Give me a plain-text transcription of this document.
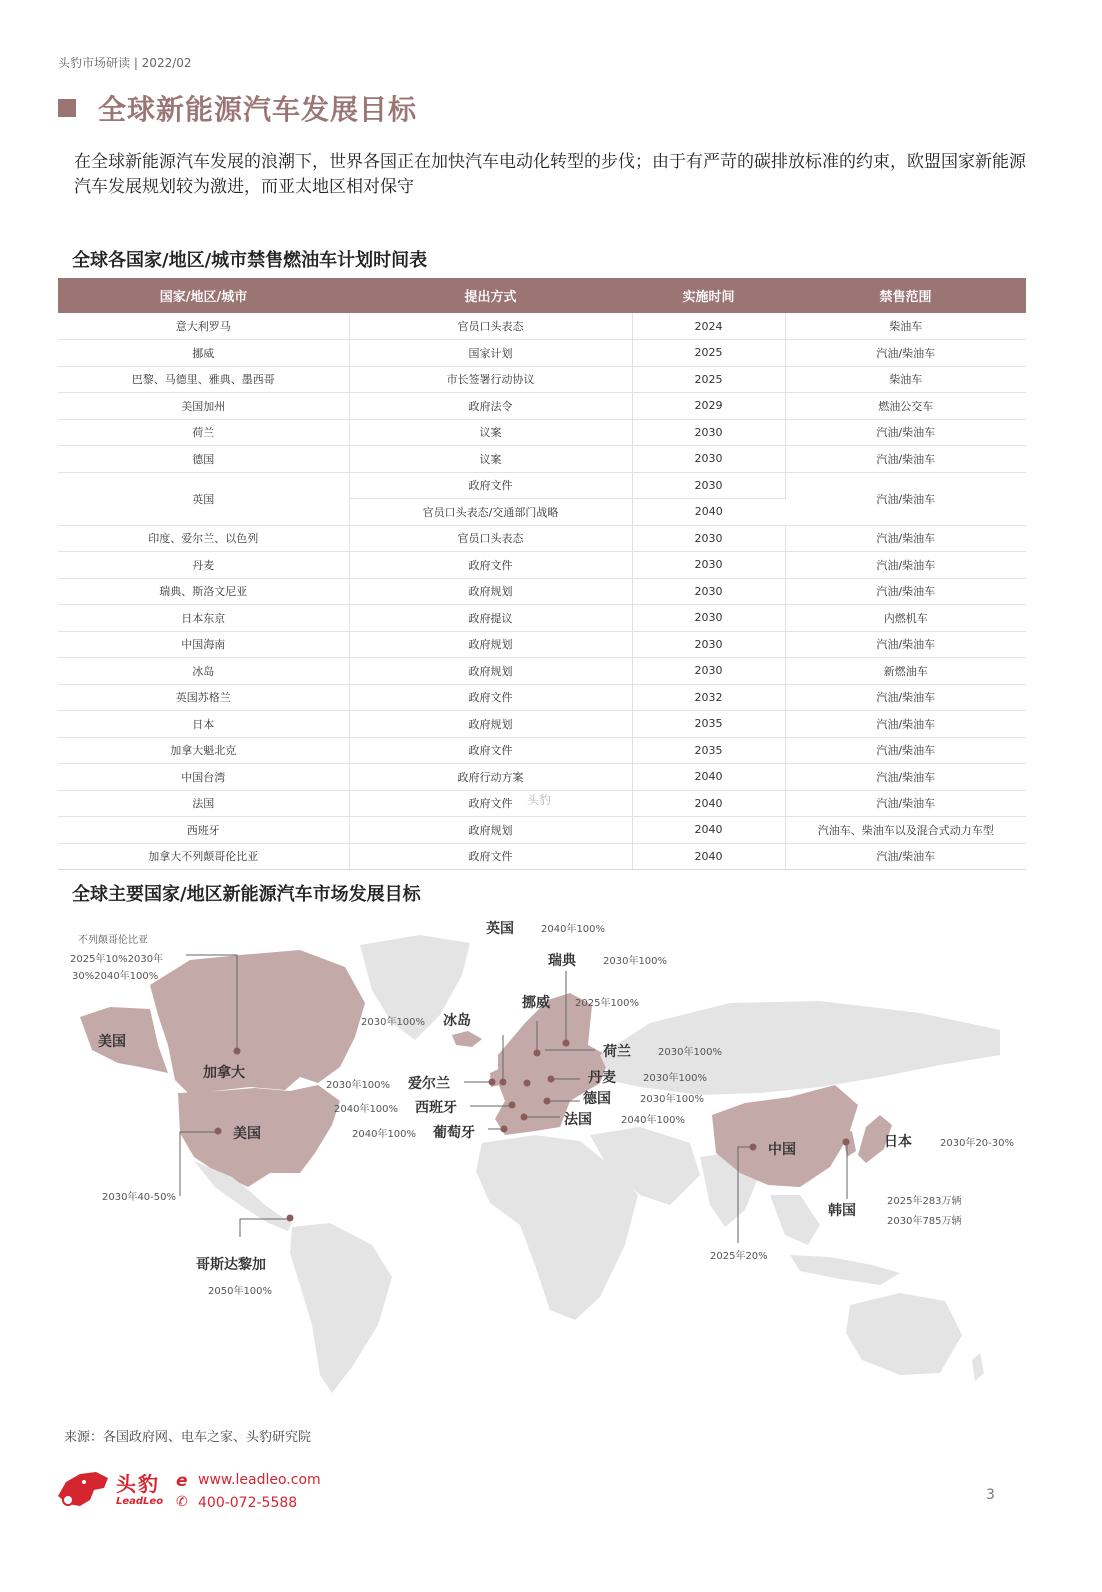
头豹市场研读 | 2022/02
全球新能源汽车发展目标
在全球新能源汽车发展的浪潮下，世界各国正在加快汽车电动化转型的步伐；由于有严苛的碳排放标准的约束，欧盟国家新能源汽车发展规划较为激进，而亚太地区相对保守
全球各国家/地区/城市禁售燃油车计划时间表
国家/地区/城市	提出方式	实施时间	禁售范围
意大利罗马	官员口头表态	2024	柴油车
挪威	国家计划	2025	汽油/柴油车
巴黎、马德里、雅典、墨西哥	市长签署行动协议	2025	柴油车
美国加州	政府法令	2029	燃油公交车
荷兰	议案	2030	汽油/柴油车
德国	议案	2030	汽油/柴油车
英国	政府文件	2030	汽油/柴油车
	官员口头表态/交通部门战略	2040	
印度、爱尔兰、以色列	官员口头表态	2030	汽油/柴油车
丹麦	政府文件	2030	汽油/柴油车
瑞典、斯洛文尼亚	政府规划	2030	汽油/柴油车
日本东京	政府提议	2030	内燃机车
中国海南	政府规划	2030	汽油/柴油车
冰岛	政府规划	2030	新燃油车
英国苏格兰	政府文件	2032	汽油/柴油车
日本	政府规划	2035	汽油/柴油车
加拿大魁北克	政府文件	2035	汽油/柴油车
中国台湾	政府行动方案	2040	汽油/柴油车
法国	政府文件	2040	汽油/柴油车
西班牙	政府规划	2040	汽油车、柴油车以及混合式动力车型
加拿大不列颠哥伦比亚	政府文件	2040	汽油/柴油车
头豹
全球主要国家/地区新能源汽车市场发展目标
不列颠哥伦比亚
2025年10%2030年
30%2040年100%
美国
加拿大
美国
2030年40-50%
哥斯达黎加
2050年100%
英国	2040年100%
瑞典	2030年100%
挪威	2025年100%
2030年100% 冰岛
荷兰	2030年100%
丹麦	2030年100%
德国	2030年100%
法国	2040年100%
2030年100% 爱尔兰
2040年100% 西班牙
2040年100% 葡萄牙
中国
2025年20%
日本	2030年20-30%
韩国
2025年283万辆
2030年785万辆
来源：各国政府网、电车之家、头豹研究院
头豹
LeadLeo
e www.leadleo.com
✆ 400-072-5588	3
